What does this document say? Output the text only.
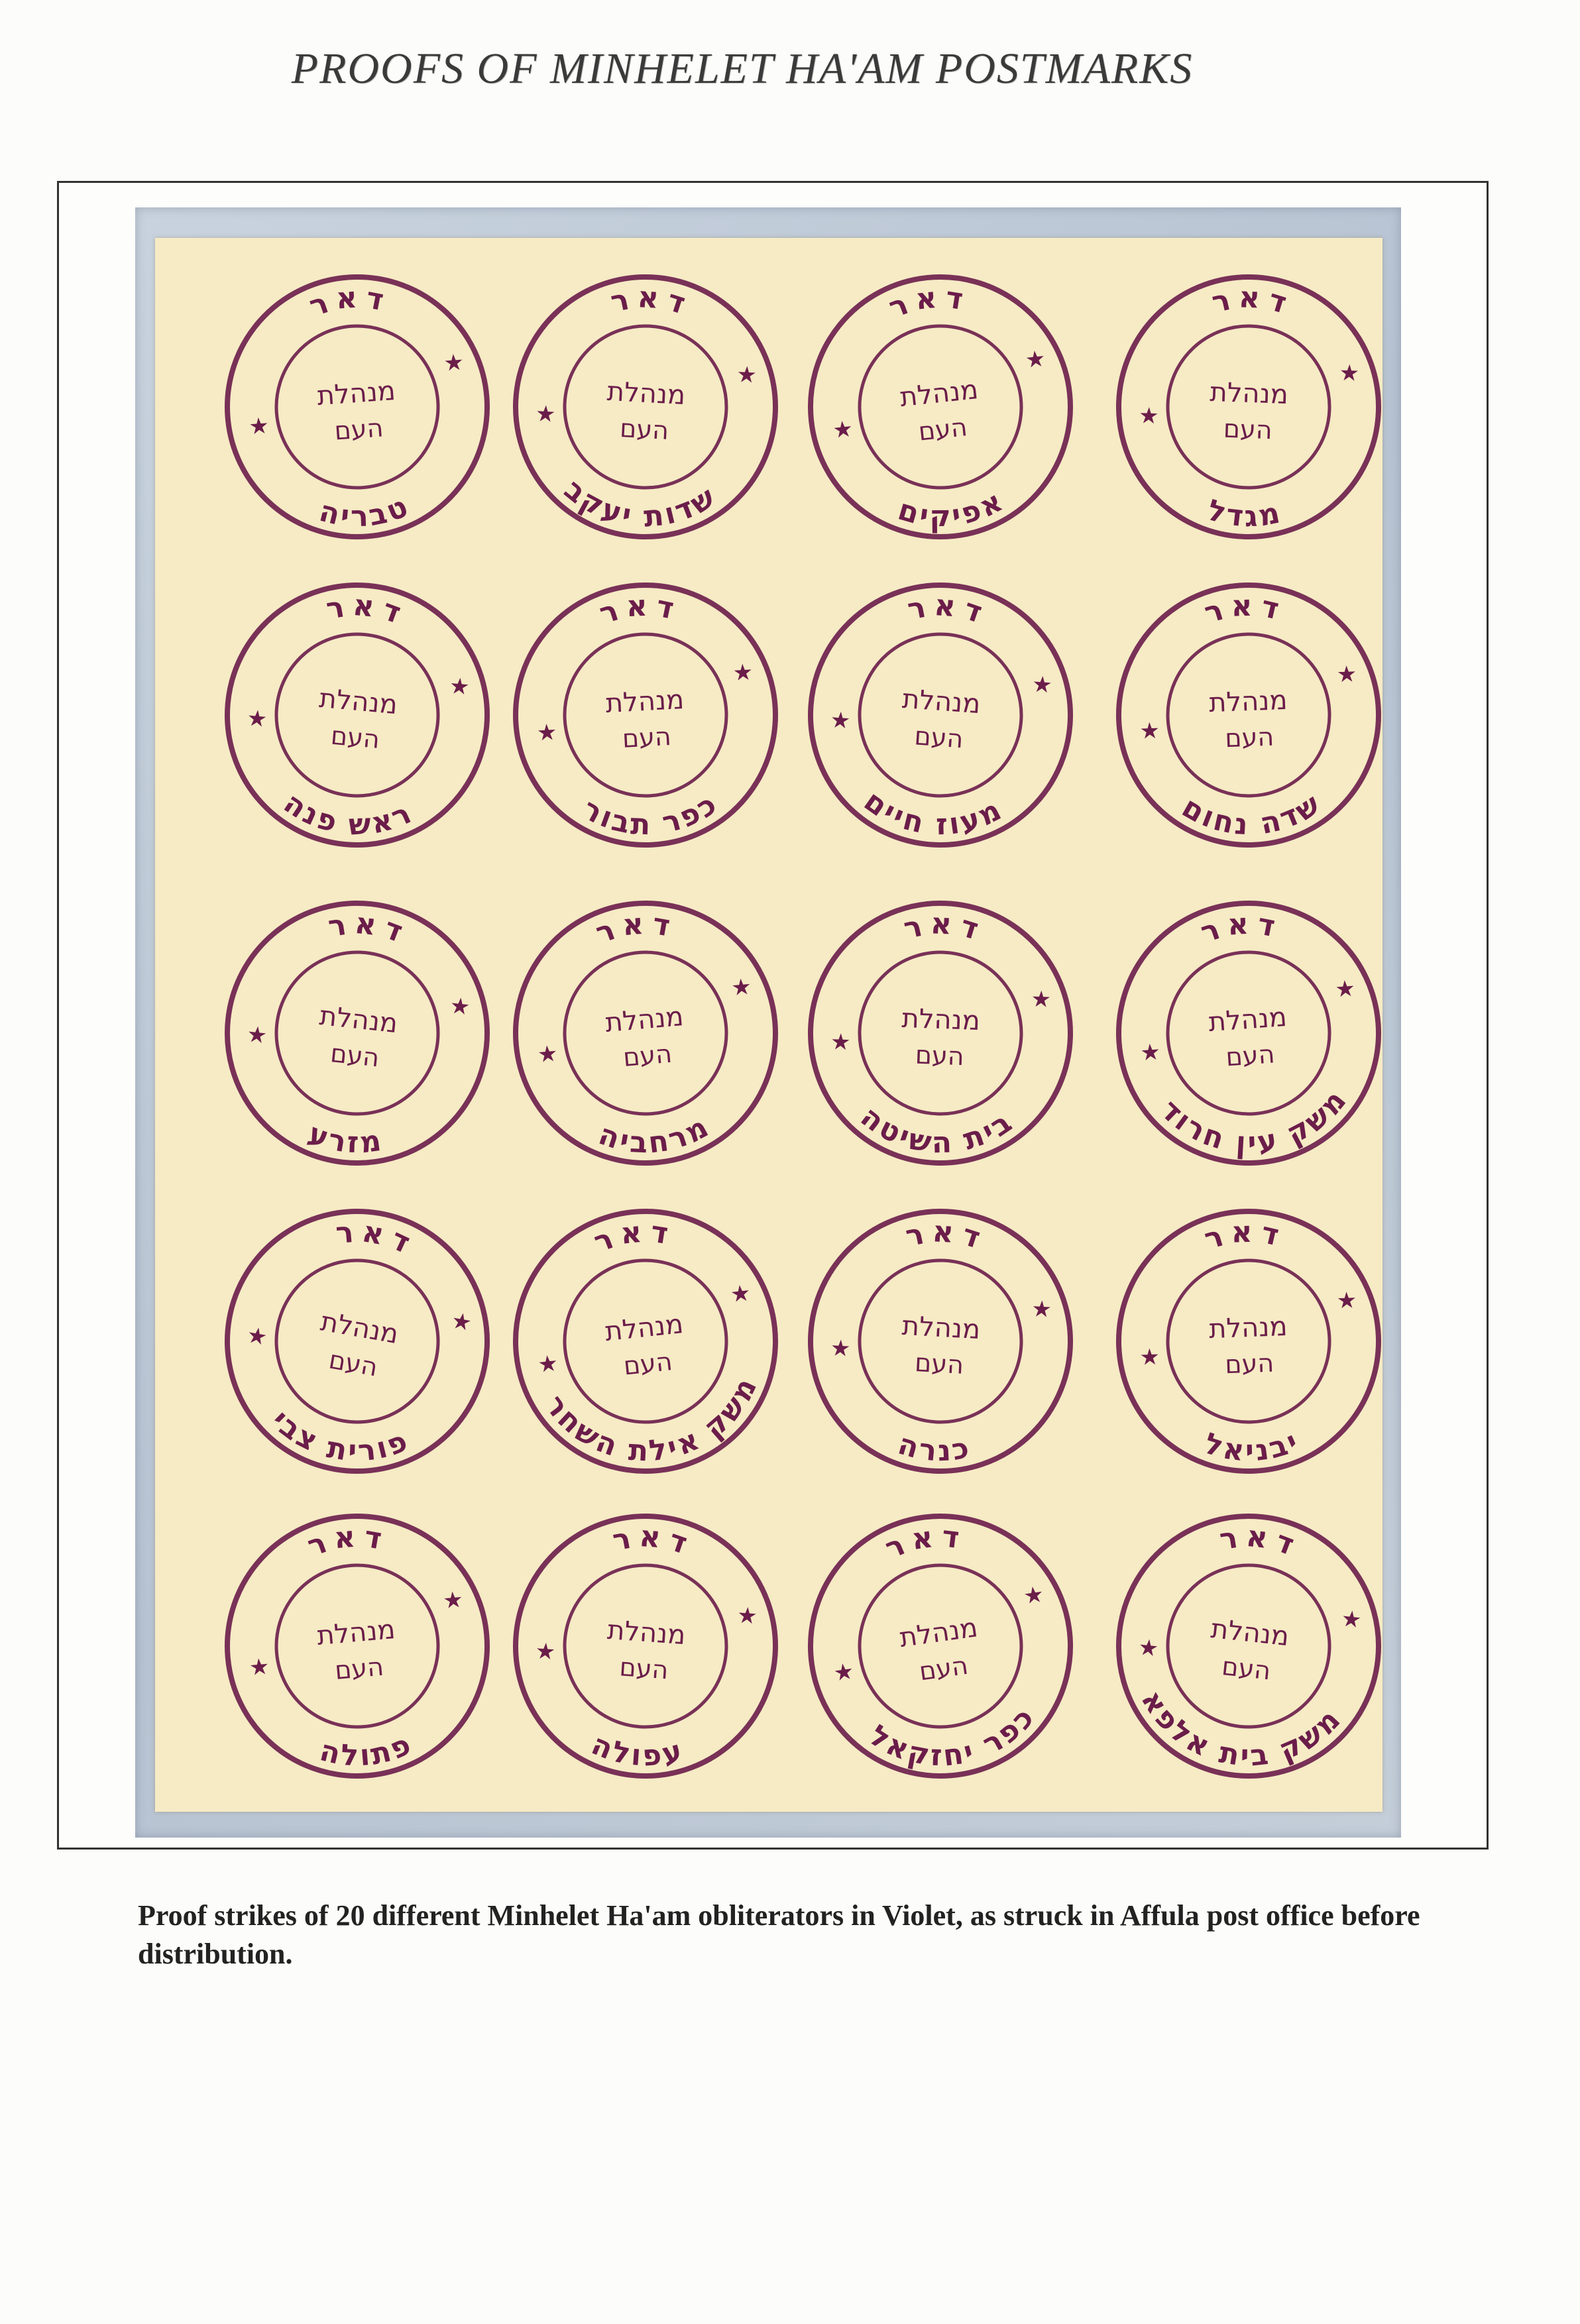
PROOFS OF MINHELET HA'AM POSTMARKS
דאר
טבריה
★
★
מנהלת
העם
דאר
שדות יעקב
★
★
מנהלת
העם
דאר
אפיקים
★
★
מנהלת
העם
דאר
מגדל
★
★
מנהלת
העם
דאר
ראש פנה
★
★
מנהלת
העם
דאר
כפר תבור
★
★
מנהלת
העם
דאר
מעוז חיים
★
★
מנהלת
העם
דאר
שדה נחום
★
★
מנהלת
העם
דאר
מזרע
★
★
מנהלת
העם
דאר
מרחביה
★
★
מנהלת
העם
דאר
בית השיטה
★
★
מנהלת
העם
דאר
משק עין חרוד
★
★
מנהלת
העם
דאר
פורית צבי
★	★
מנהלת
העם
דאר
משק אילת השחר
★
★
מנהלת
העם
דאר
כנרה
★
★
מנהלת
העם
דאר
יבניאל
★
★
מנהלת
העם
דאר
פתולה
★
★
מנהלת
העם
דאר
עפולה
★
★
מנהלת
העם
דאר
כפר יחזקאל
★
★
מנהלת
העם
דאר
משק בית אלפא
★
★
מנהלת
העם
Proof strikes of 20 different Minhelet Ha'am obliterators in Violet, as struck in Affula post office before distribution.
